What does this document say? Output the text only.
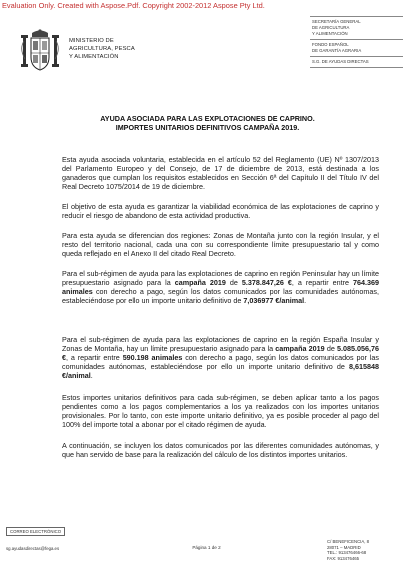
Evaluation Only. Created with Aspose.Pdf. Copyright 2002-2012 Aspose Pty Ltd.
MINISTERIO DE
AGRICULTURA, PESCA
Y ALIMENTACIÓN
SECRETARÍA GENERAL
DE AGRICULTURA
Y ALIMENTACIÓN
FONDO ESPAÑOL
DE GARANTÍA AGRARIA
S.G. DE AYUDAS DIRECTAS
AYUDA ASOCIADA PARA LAS EXPLOTACIONES DE CAPRINO.
IMPORTES UNITARIOS DEFINITIVOS CAMPAÑA 2019.

Esta ayuda asociada voluntaria, establecida en el artículo 52 del Reglamento (UE) Nº 1307/2013 del Parlamento Europeo y del Consejo, de 17 de diciembre de 2013, está destinada a los ganaderos que cumplan los requisitos establecidos en Sección 6ª del Capítulo II del Título IV del Real Decreto 1075/2014 de 19 de diciembre.

El objetivo de esta ayuda es garantizar la viabilidad económica de las explotaciones de caprino y reducir el riesgo de abandono de esta actividad productiva.

Para esta ayuda se diferencian dos regiones: Zonas de Montaña junto con la región Insular, y el resto del territorio nacional, cada una con su correspondiente límite presupuestario tal y como queda reflejado en el Anexo II del citado Real Decreto.

Para el sub-régimen de ayuda para las explotaciones de caprino en región Peninsular hay un límite presupuestario asignado para la campaña 2019 de 5.378.847,26 €, a repartir entre 764.369 animales con derecho a pago, según los datos comunicados por las comunidades autónomas, estableciéndose por ello un importe unitario definitivo de 7,036977 €/animal.

Para el sub-régimen de ayuda para las explotaciones de caprino en la región España Insular y Zonas de Montaña, hay un límite presupuestario asignado para la campaña 2019 de 5.085.056,76 €, a repartir entre 590.198 animales con derecho a pago, según los datos comunicados por las comunidades autónomas, estableciéndose por ello un importe unitario definitivo de 8,615848 €/animal.

Estos importes unitarios definitivos para cada sub-régimen, se deben aplicar tanto a los pagos pendientes como a los pagos complementarios a los ya realizados con los importes unitarios provisionales. Por lo tanto, con este importe unitario definitivo, ya es posible proceder al pago del 100% del importe total a abonar por el citado régimen de ayuda.

A continuación, se incluyen los datos comunicados por las diferentes comunidades autónomas, y que han servido de base para la realización del cálculo de los distintos importes unitarios.

CORREO ELECTRÓNICO
sg.ayudasdirectas@fega.es	Página 1 de 2
C/ BENEFICENCIA, 8
28071 – MADRID
TEL.: 913476466-68
FAX: 913476465
